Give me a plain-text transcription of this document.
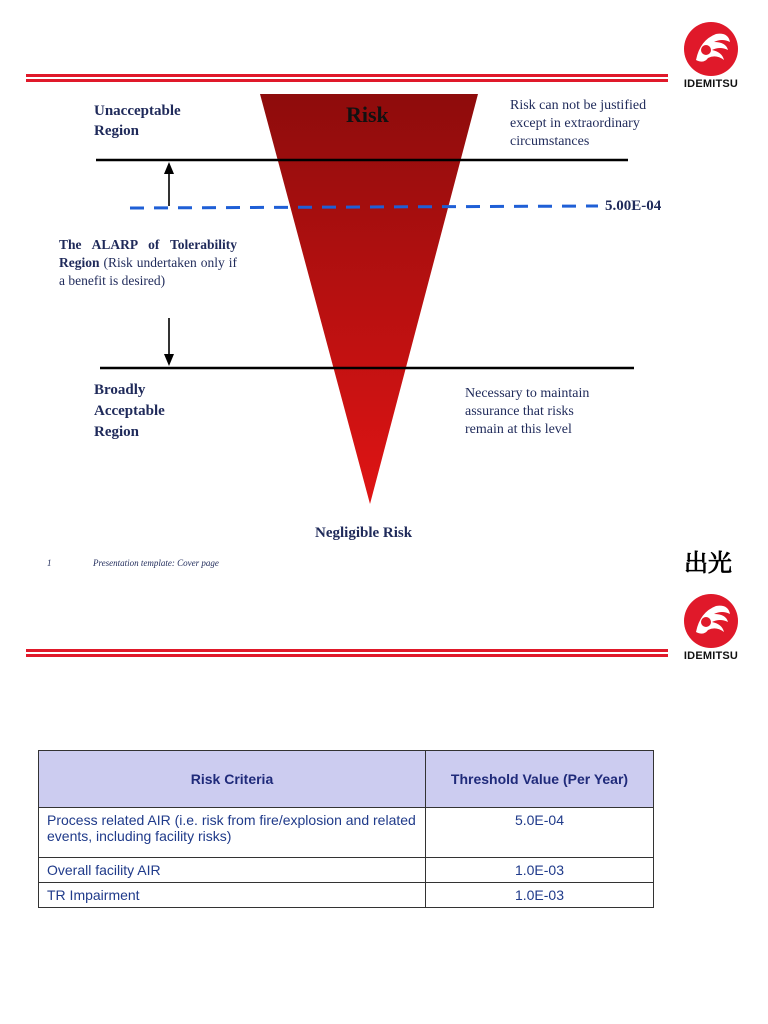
IDEMITSU
Risk
Unacceptable
Region
Risk can not be justified
except in extraordinary
circumstances
5.00E-04
The ALARP of Tolerability Region (Risk undertaken only if a benefit is desired)
Broadly
Acceptable
Region
Necessary to maintain
assurance that risks
remain at this level
Negligible Risk
1	Presentation template: Cover page	出光
IDEMITSU
Risk Criteria	Threshold Value (Per Year)
Process related AIR (i.e. risk from fire/explosion and related events, including facility risks)	5.0E-04
Overall facility AIR	1.0E-03
TR Impairment	1.0E-03
